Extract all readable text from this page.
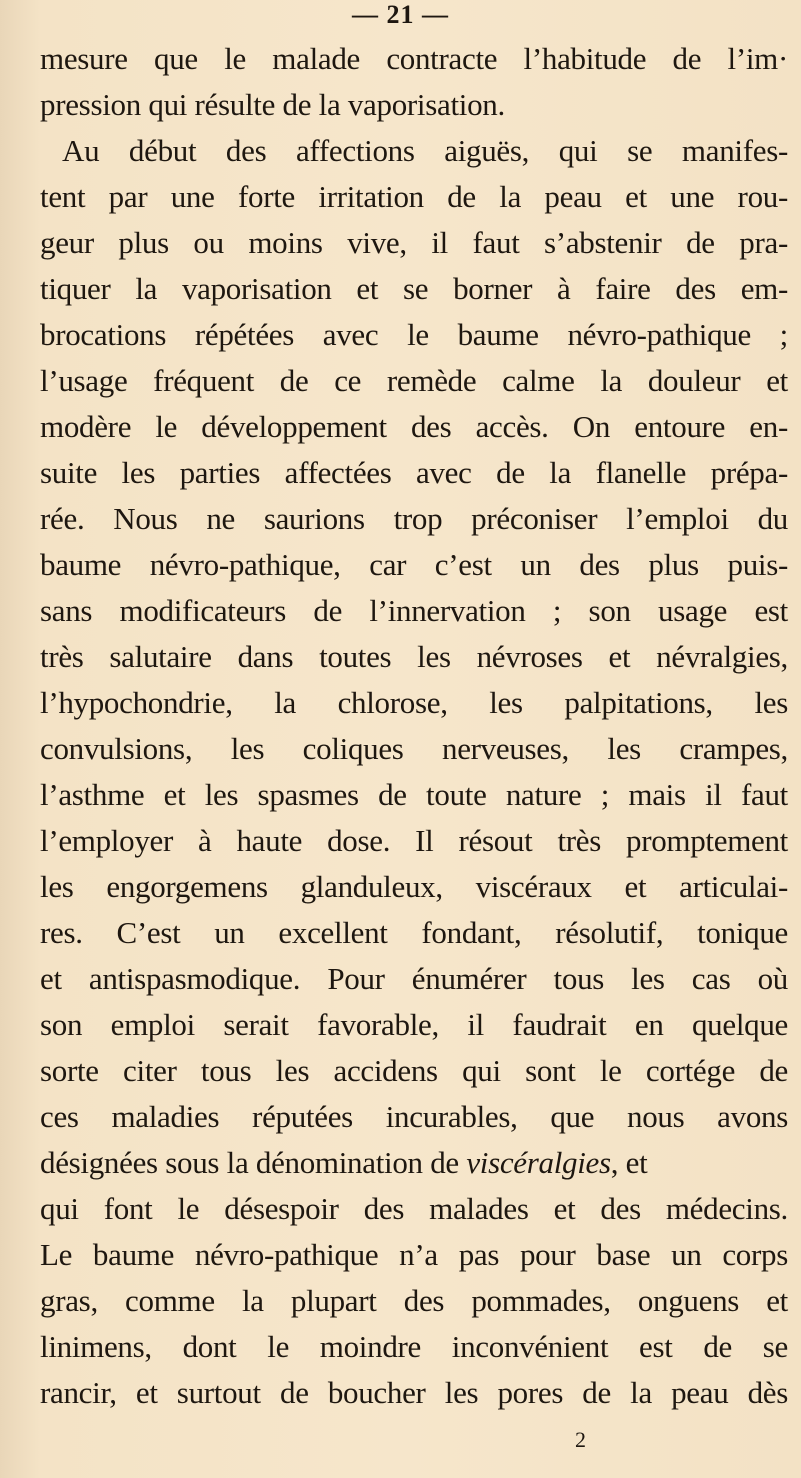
— 21 —
mesure que le malade contracte l’habitude de l’im·
pression qui résulte de la vaporisation.
Au début des affections aiguës, qui se manifes-
tent par une forte irritation de la peau et une rou-
geur plus ou moins vive, il faut s’abstenir de pra-
tiquer la vaporisation et se borner à faire des em-
brocations répétées avec le baume névro-pathique ;
l’usage fréquent de ce remède calme la douleur et
modère le développement des accès. On entoure en-
suite les parties affectées avec de la flanelle prépa-
rée. Nous ne saurions trop préconiser l’emploi du
baume névro-pathique, car c’est un des plus puis-
sans modificateurs de l’innervation ; son usage est
très salutaire dans toutes les névroses et névralgies,
l’hypochondrie, la chlorose, les palpitations, les
convulsions, les coliques nerveuses, les crampes,
l’asthme et les spasmes de toute nature ; mais il faut
l’employer à haute dose. Il résout très promptement
les engorgemens glanduleux, viscéraux et articulai-
res. C’est un excellent fondant, résolutif, tonique
et antispasmodique. Pour énumérer tous les cas où
son emploi serait favorable, il faudrait en quelque
sorte citer tous les accidens qui sont le cortége de
ces maladies réputées incurables, que nous avons
désignées sous la dénomination de viscéralgies, et
qui font le désespoir des malades et des médecins.
Le baume névro-pathique n’a pas pour base un corps
gras, comme la plupart des pommades, onguens et
linimens, dont le moindre inconvénient est de se
rancir, et surtout de boucher les pores de la peau dès
2
